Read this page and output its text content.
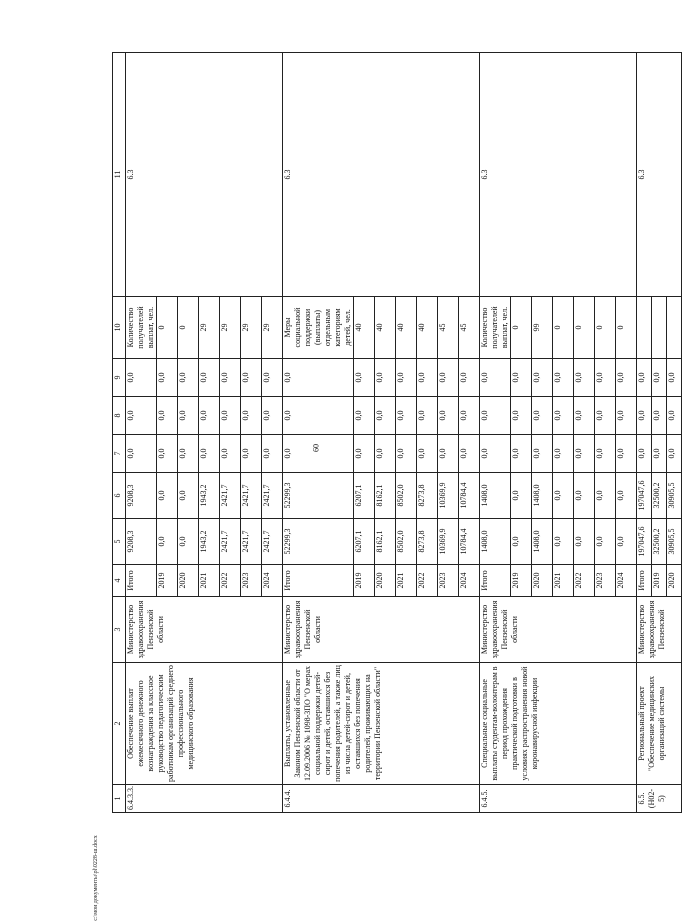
60
c:\мои документы\pl\0228-ш.docx
1	2	3	4	5	6	7	8	9	10	11
6.4.3.3.	Обеспечение выплат ежемесячного денежного вознаграждения за классное руководство педагогическим работникам организаций среднего профессионального медицинского образования	Министерство здравоохранения Пензенской области	Итого	9208,3	9208,3	0,0	0,0	0,0	Количество получателей выплат, чел.	6.3
			2019	0,0	0,0	0,0	0,0	0,0	0	
			2020	0,0	0,0	0,0	0,0	0,0	0	
			2021	1943,2	1943,2	0,0	0,0	0,0	29	
			2022	2421,7	2421,7	0,0	0,0	0,0	29	
			2023	2421,7	2421,7	0,0	0,0	0,0	29	
			2024	2421,7	2421,7	0,0	0,0	0,0	29	
6.4.4.	Выплаты, установленные Законом Пензенской области от 12.09.2006 № 1098-ЗПО "О мерах социальной поддержки детей-сирот и детей, оставшихся без попечения родителей, а также лиц из числа детей-сирот и детей, оставшихся без попечения родителей, проживающих на территории Пензенской области"	Министерство здравоохранения Пензенской области	Итого	52299,3	52299,3	0,0	0,0	0,0	Меры социальной поддержки (выплаты) отдельным категориям детей, чел.	6.3
			2019	6207,1	6207,1	0,0	0,0	0,0	40	
			2020	8162,1	8162,1	0,0	0,0	0,0	40	
			2021	8502,0	8502,0	0,0	0,0	0,0	40	
			2022	8273,8	8273,8	0,0	0,0	0,0	40	
			2023	10369,9	10369,9	0,0	0,0	0,0	45	
			2024	10784,4	10784,4	0,0	0,0	0,0	45	
6.4.5.	Специальные социальные выплаты студентам-волонтерам в период прохождения практической подготовки в условиях распространения новой коронавирусной инфекции	Министерство здравоохранения Пензенской области	Итого	1408,0	1408,0	0,0	0,0	0,0	Количество получателей выплат, чел.	6.3
			2019	0,0	0,0	0,0	0,0	0,0	0	
			2020	1408,0	1408,0	0,0	0,0	0,0	99	
			2021	0,0	0,0	0,0	0,0	0,0	0	
			2022	0,0	0,0	0,0	0,0	0,0	0	
			2023	0,0	0,0	0,0	0,0	0,0	0	
			2024	0,0	0,0	0,0	0,0	0,0	0	
6.5. (Н02-5)	Региональный проект "Обеспечение медицинских организаций системы	Министерство здравоохранения Пензенской	Итого	197047,6	197047,6	0,0	0,0	0,0		6.3
			2019	32500,2	32500,2	0,0	0,0	0,0		
			2020	30905,5	30905,5	0,0	0,0	0,0		
